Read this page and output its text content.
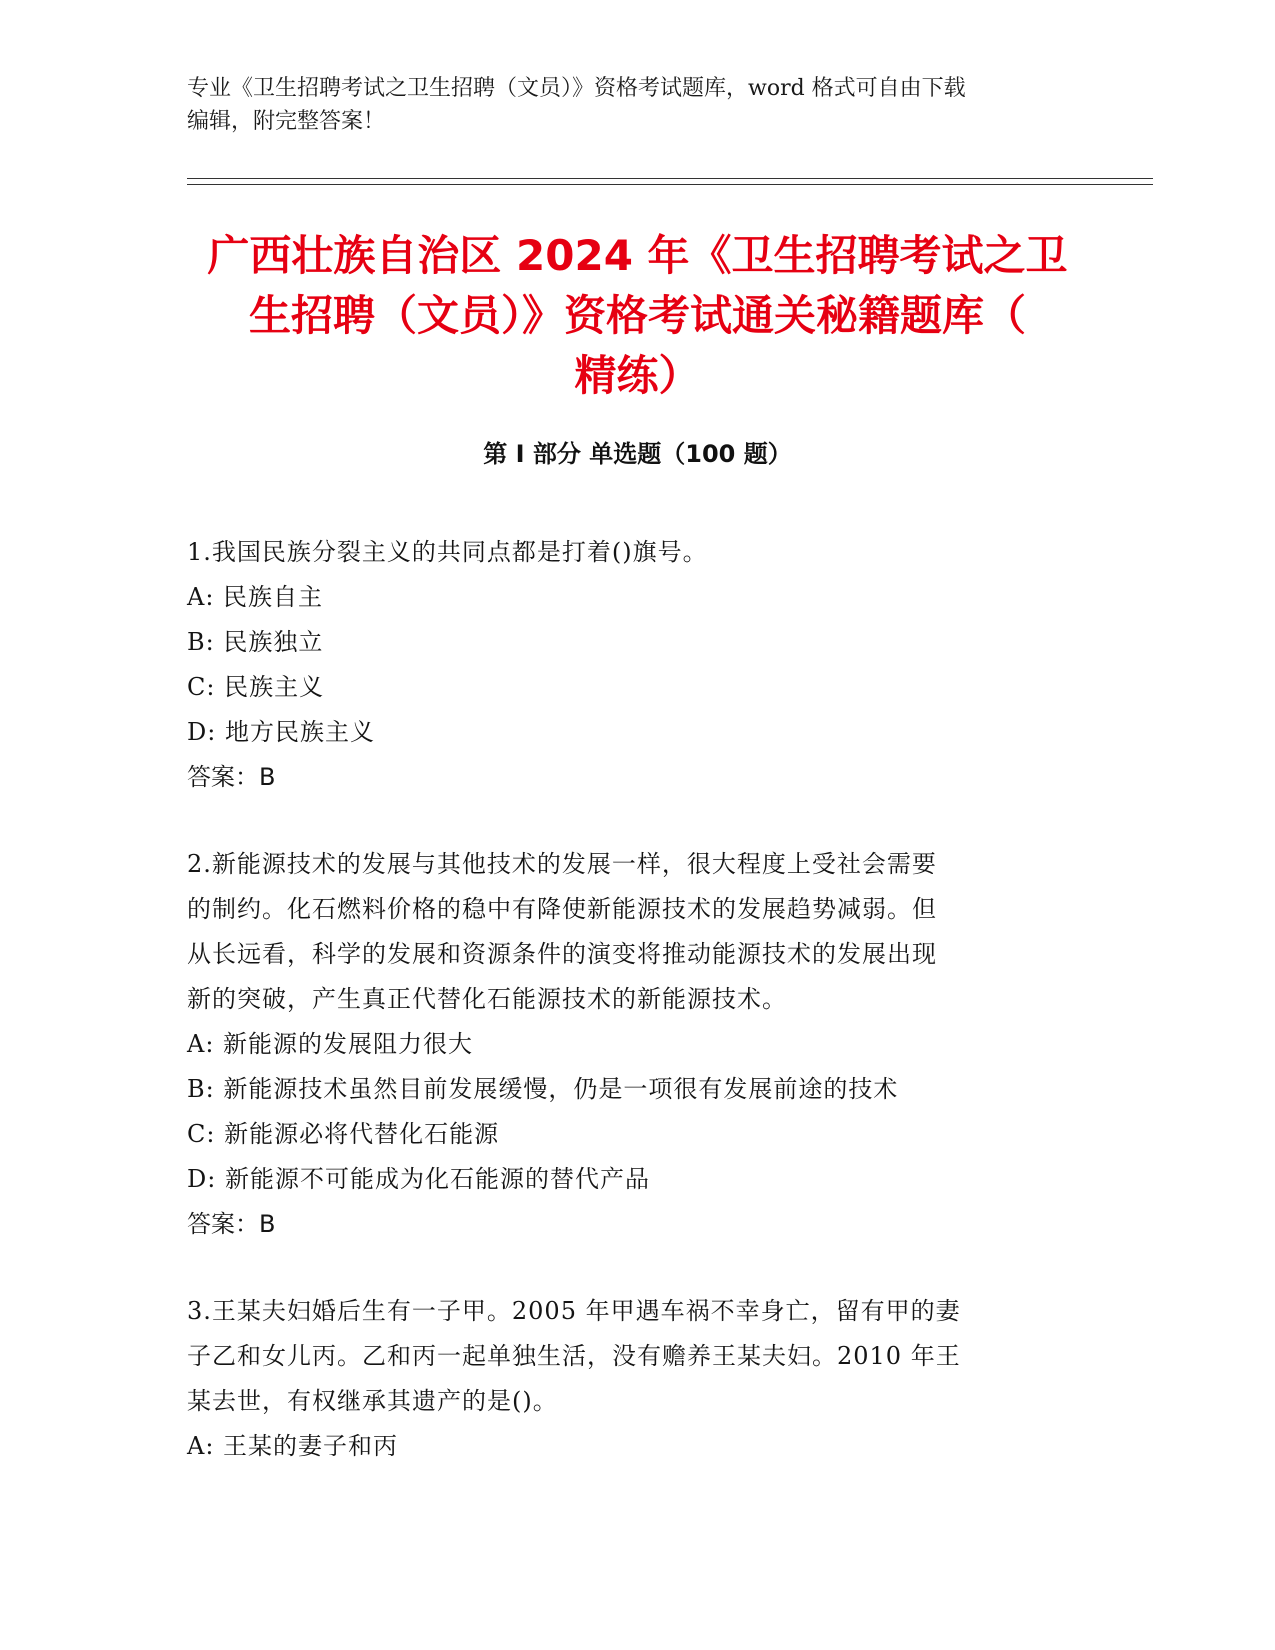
专业《卫生招聘考试之卫生招聘（文员）》资格考试题库，word 格式可自由下载
编辑，附完整答案！
广西壮族自治区 2024 年《卫生招聘考试之卫
生招聘（文员）》资格考试通关秘籍题库（
精练）
第 I 部分 单选题（100 题）
1.我国民族分裂主义的共同点都是打着()旗号。
A: 民族自主
B: 民族独立
C: 民族主义
D: 地方民族主义
答案：B
2.新能源技术的发展与其他技术的发展一样，很大程度上受社会需要
的制约。化石燃料价格的稳中有降使新能源技术的发展趋势减弱。但
从长远看，科学的发展和资源条件的演变将推动能源技术的发展出现
新的突破，产生真正代替化石能源技术的新能源技术。
A: 新能源的发展阻力很大
B: 新能源技术虽然目前发展缓慢，仍是一项很有发展前途的技术
C: 新能源必将代替化石能源
D: 新能源不可能成为化石能源的替代产品
答案：B
3.王某夫妇婚后生有一子甲。2005 年甲遇车祸不幸身亡，留有甲的妻
子乙和女儿丙。乙和丙一起单独生活，没有赡养王某夫妇。2010 年王
某去世，有权继承其遗产的是()。
A: 王某的妻子和丙
